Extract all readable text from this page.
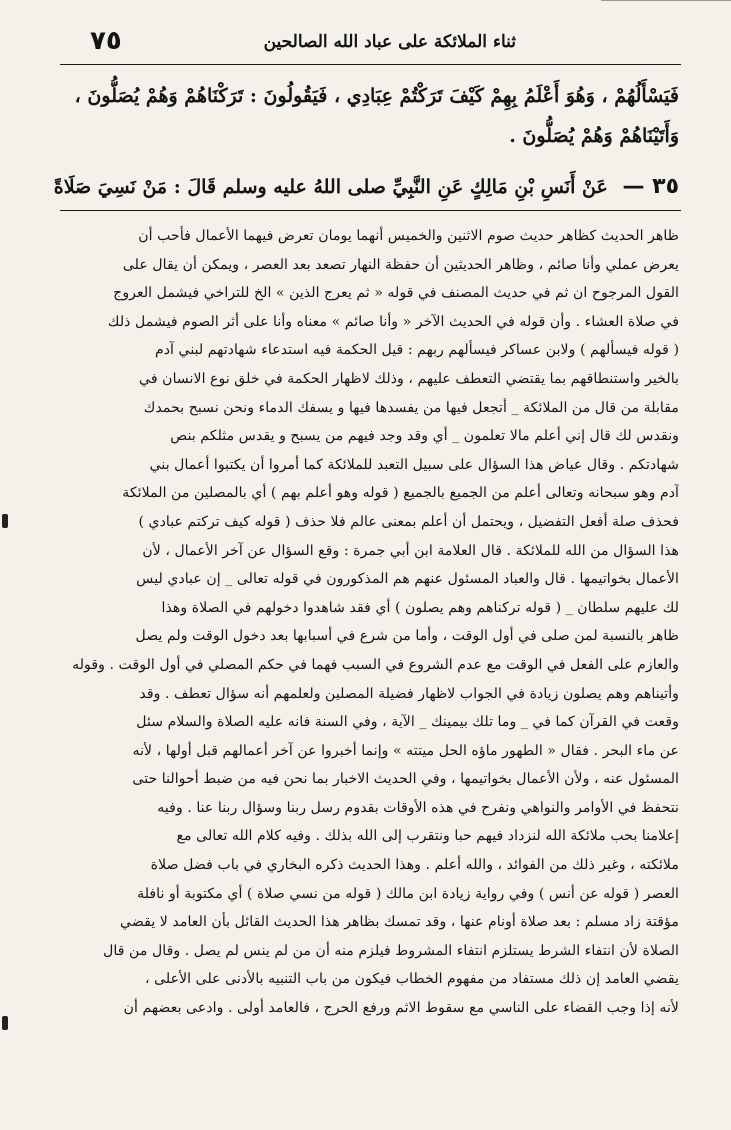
٧٥	ثناء الملائكة على عباد الله الصالحين

فَيَسْأَلُهُمْ ، وَهُوَ أَعْلَمُ بِهِمْ كَيْفَ تَرَكْتُمْ عِبَادِي ، فَيَقُولُونَ : تَرَكْنَاهُمْ وَهُمْ يُصَلُّونَ ،

وَأَتَيْنَاهُمْ وَهُمْ يُصَلُّونَ .

٣٥ — عَنْ أَنَسِ بْنِ مَالِكٍ عَنِ النَّبِيِّ صلى اللهُ عليه وسلم قَالَ : مَنْ نَسِيَ صَلَاةً
ظاهر الحديث كظاهر حديث صوم الاثنين والخميس أنهما يومان تعرض فيهما الأعمال فأحب أن
يعرض عملي وأنا صائم ، وظاهر الحديثين أن حفظة النهار تصعد بعد العصر ، ويمكن أن يقال على
القول المرجوح ان ثم في حديث المصنف في قوله « ثم يعرج الذين » الخ للتراخي فيشمل العروج
في صلاة العشاء . وأن قوله في الحديث الآخر « وأنا صائم » معناه وأنا على أثر الصوم فيشمل ذلك
( قوله فيسألهم ) ولابن عساكر فيسألهم ربهم : قيل الحكمة فيه استدعاء شهادتهم لبني آدم
بالخير واستنطاقهم بما يقتضي التعطف عليهم ، وذلك لاظهار الحكمة في خلق نوع الانسان في
مقابلة من قال من الملائكة _ أتجعل فيها من يفسدها فيها و يسفك الدماء ونحن نسبح بحمدك
ونقدس لك قال إني أعلم مالا تعلمون _ أي وقد وجد فيهم من يسبح و يقدس مثلكم بنص
شهادتكم . وقال عياض هذا السؤال على سبيل التعبد للملائكة كما أمروا أن يكتبوا أعمال بني
آدم وهو سبحانه وتعالى أعلم من الجميع بالجميع ( قوله وهو أعلم بهم ) أي بالمصلين من الملائكة
فحذف صلة أفعل التفضيل ، ويحتمل أن أعلم بمعنى عالم فلا حذف ( قوله كيف تركتم عبادي )
هذا السؤال من الله للملائكة . قال العلامة ابن أبي جمرة : وقع السؤال عن آخر الأعمال ، لأن
الأعمال بخواتيمها . قال والعباد المسئول عنهم هم المذكورون في قوله تعالى _ إن عبادي ليس
لك عليهم سلطان _ ( قوله تركناهم وهم يصلون ) أي فقد شاهدوا دخولهم في الصلاة وهذا
ظاهر بالنسبة لمن صلى في أول الوقت ، وأما من شرع في أسبابها بعد دخول الوقت ولم يصل
والعازم على الفعل في الوقت مع عدم الشروع في السبب فهما في حكم المصلي في أول الوقت . وقوله
وأتيناهم وهم يصلون زيادة في الجواب لاظهار فضيلة المصلين ولعلمهم أنه سؤال تعطف . وقد
وقعت في القرآن كما في _ وما تلك بيمينك _ الآية ، وفي السنة فانه عليه الصلاة والسلام سئل
عن ماء البحر . فقال « الطهور ماؤه الحل ميتته » وإنما أخبروا عن آخر أعمالهم قبل أولها ، لأنه
المسئول عنه ، ولأن الأعمال بخواتيمها ، وفي الحديث الاخبار بما نحن فيه من ضبط أحوالنا حتى
نتحفظ في الأوامر والنواهي ونفرح في هذه الأوقات بقدوم رسل ربنا وسؤال ربنا عنا . وفيه
إعلامنا بحب ملائكة الله لنزداد فيهم حبا ونتقرب إلى الله بذلك . وفيه كلام الله تعالى مع
ملائكته ، وغير ذلك من الفوائد ، والله أعلم . وهذا الحديث ذكره البخاري في باب فضل صلاة
العصر ( قوله عن أنس ) وفي رواية زيادة ابن مالك ( قوله من نسي صلاة ) أي مكتوبة أو نافلة
مؤقتة زاد مسلم : بعد صلاة أونام عنها ، وقد تمسك بظاهر هذا الحديث القائل بأن العامد لا يقضي
الصلاة لأن انتفاء الشرط يستلزم انتفاء المشروط فيلزم منه أن من لم ينس لم يصل . وقال من قال
يقضي العامد إن ذلك مستفاد من مفهوم الخطاب فيكون من باب التنبيه بالأدنى على الأعلى ،
لأنه إذا وجب القضاء على الناسي مع سقوط الاثم ورفع الحرج ، فالعامد أولى . وادعى بعضهم أن
